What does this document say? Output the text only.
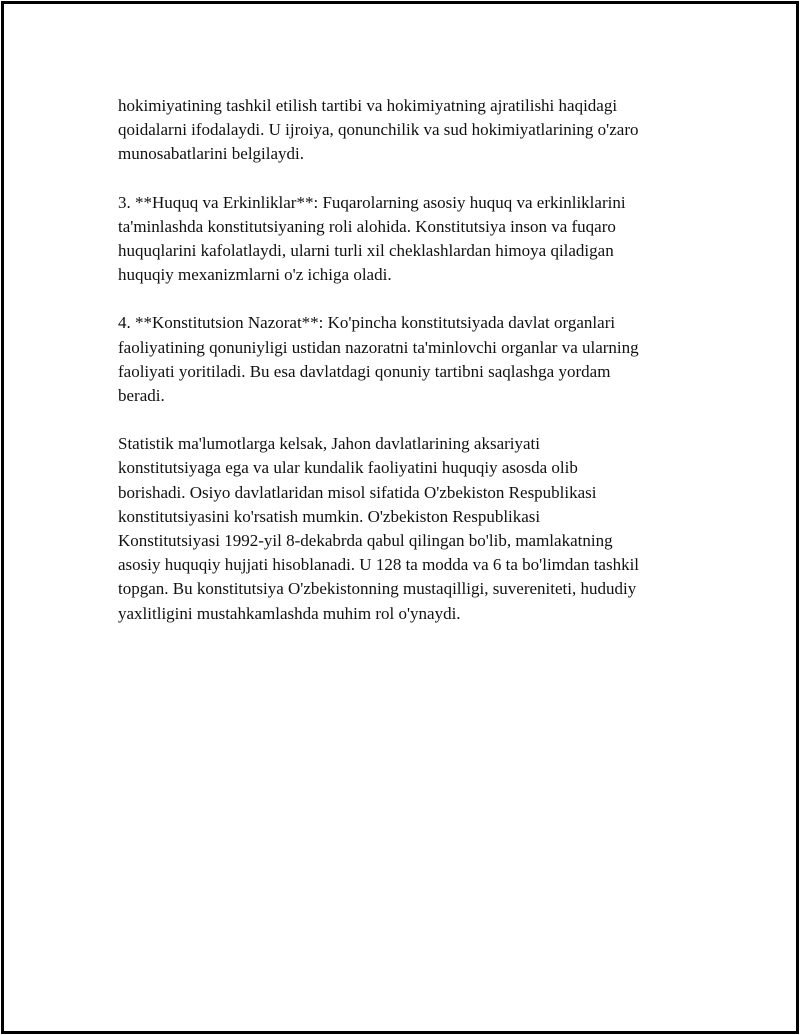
hokimiyatining tashkil etilish tartibi va hokimiyatning ajratilishi haqidagi
qoidalarni ifodalaydi. U ijroiya, qonunchilik va sud hokimiyatlarining o'zaro
munosabatlarini belgilaydi.

3. **Huquq va Erkinliklar**: Fuqarolarning asosiy huquq va erkinliklarini
ta'minlashda konstitutsiyaning roli alohida. Konstitutsiya inson va fuqaro
huquqlarini kafolatlaydi, ularni turli xil cheklashlardan himoya qiladigan
huquqiy mexanizmlarni o'z ichiga oladi.

4. **Konstitutsion Nazorat**: Ko'pincha konstitutsiyada davlat organlari
faoliyatining qonuniyligi ustidan nazoratni ta'minlovchi organlar va ularning
faoliyati yoritiladi. Bu esa davlatdagi qonuniy tartibni saqlashga yordam
beradi.

Statistik ma'lumotlarga kelsak, Jahon davlatlarining aksariyati
konstitutsiyaga ega va ular kundalik faoliyatini huquqiy asosda olib
borishadi. Osiyo davlatlaridan misol sifatida O'zbekiston Respublikasi
konstitutsiyasini ko'rsatish mumkin. O'zbekiston Respublikasi
Konstitutsiyasi 1992-yil 8-dekabrda qabul qilingan bo'lib, mamlakatning
asosiy huquqiy hujjati hisoblanadi. U 128 ta modda va 6 ta bo'limdan tashkil
topgan. Bu konstitutsiya O'zbekistonning mustaqilligi, suvereniteti, hududiy
yaxlitligini mustahkamlashda muhim rol o'ynaydi.
